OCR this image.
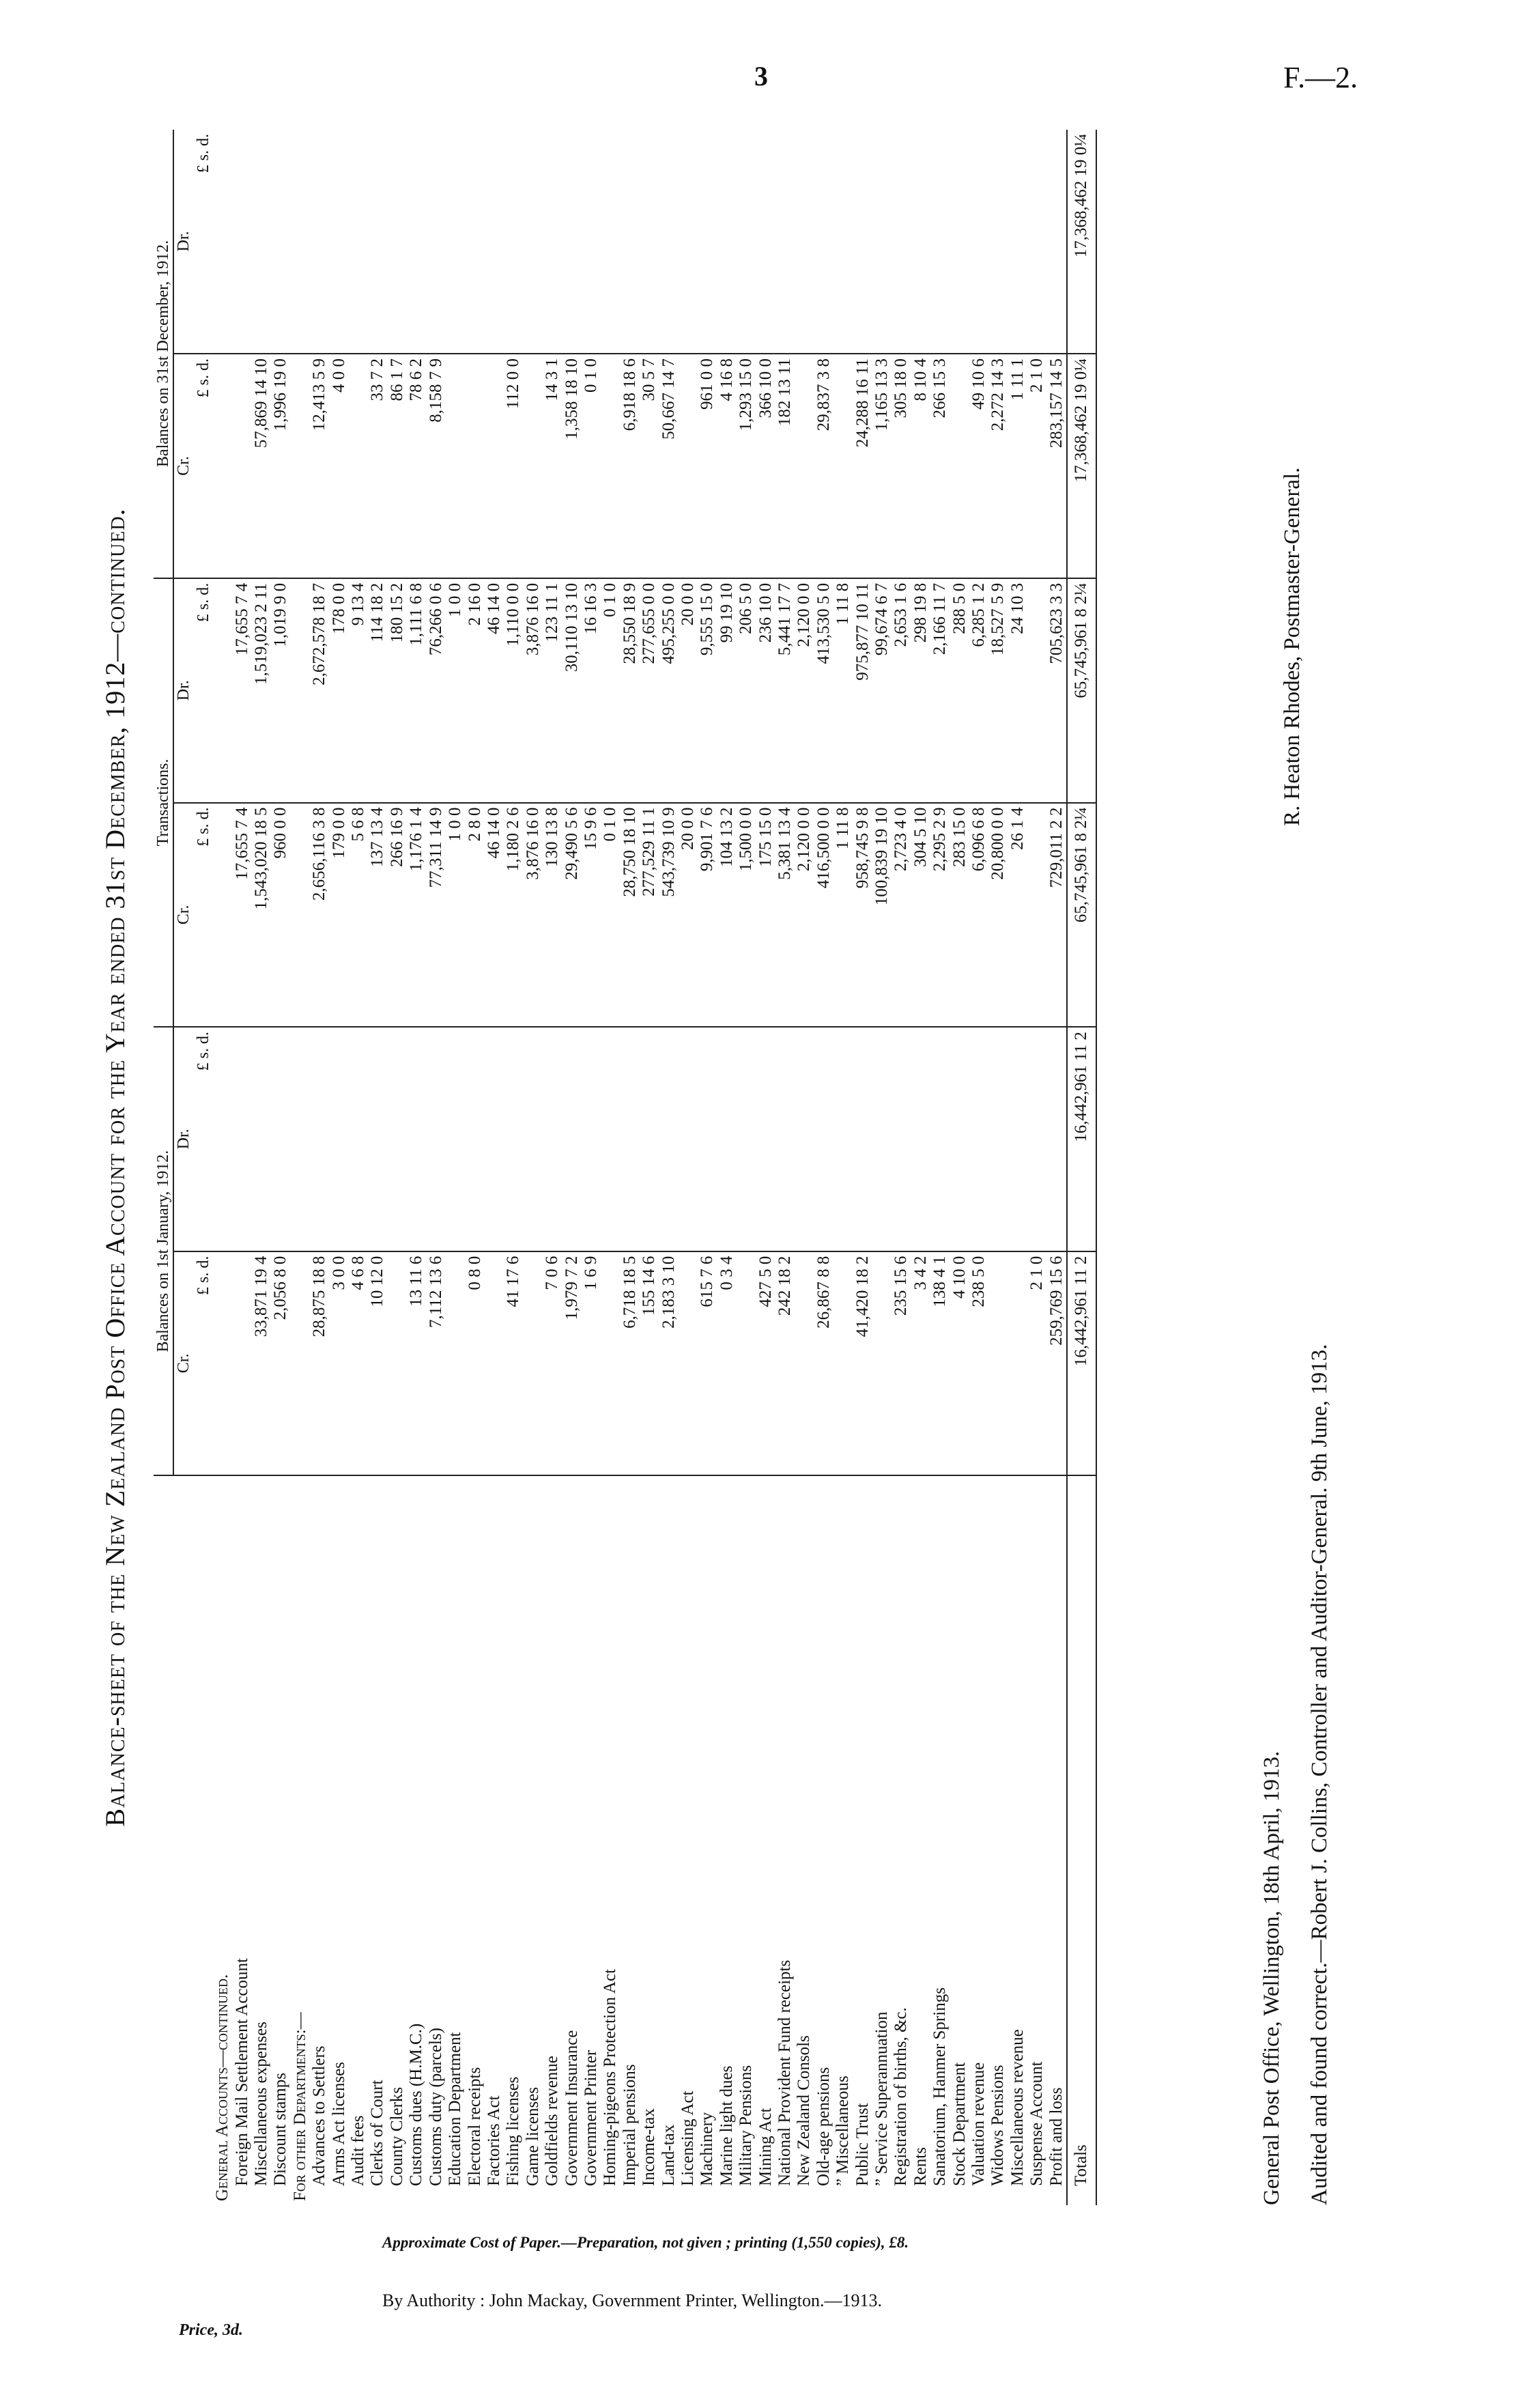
3	F.—2.
Balance-sheet of the New Zealand Post Office Account for the Year ended 31st December, 1912—continued.
	Balances on 1st January, 1912.		Transactions.		Balances on 31st December, 1912.	
	Cr.	Dr.	Cr.	Dr.	Cr.	Dr.
	£ s. d.	£ s. d.	£ s. d.	£ s. d.	£ s. d.	£ s. d.
General Accounts—continued.						
Foreign Mail Settlement Account			17,655 7 4	17,655 7 4		
Miscellaneous expenses	33,871 19 4		1,543,020 18 5	1,519,023 2 11	57,869 14 10	
Discount stamps	2,056 8 0		960 0 0	1,019 9 0	1,996 19 0	
For other Departments:—						
Advances to Settlers	28,875 18 8		2,656,116 3 8	2,672,578 18 7	12,413 5 9	
Arms Act licenses	3 0 0		179 0 0	178 0 0	4 0 0	
Audit fees	4 6 8		5 6 8	9 13 4		
Clerks of Court	10 12 0		137 13 4	114 18 2	33 7 2	
County Clerks			266 16 9	180 15 2	86 1 7	
Customs dues (H.M.C.)	13 11 6		1,176 1 4	1,111 6 8	78 6 2	
Customs duty (parcels)	7,112 13 6		77,311 14 9	76,266 0 6	8,158 7 9	
Education Department			1 0 0	1 0 0		
Electoral receipts	0 8 0		2 8 0	2 16 0		
Factories Act			46 14 0	46 14 0		
Fishing licenses	41 17 6		1,180 2 6	1,110 0 0	112 0 0	
Game licenses			3,876 16 0	3,876 16 0		
Goldfields revenue	7 0 6		130 13 8	123 11 1	14 3 1	
Government Insurance	1,979 7 2		29,490 5 6	30,110 13 10	1,358 18 10	
Government Printer	1 6 9		15 9 6	16 16 3	0 1 0	
Homing-pigeons Protection Act			0 1 0	0 1 0		
Imperial pensions	6,718 18 5		28,750 18 10	28,550 18 9	6,918 18 6	
Income-tax	155 14 6		277,529 11 1	277,655 0 0	30 5 7	
Land-tax	2,183 3 10		543,739 10 9	495,255 0 0	50,667 14 7	
Licensing Act			20 0 0	20 0 0		
Machinery	615 7 6		9,901 7 6	9,555 15 0	961 0 0	
Marine light dues	0 3 4		104 13 2	99 19 10	4 16 8	
Military Pensions			1,500 0 0	206 5 0	1,293 15 0	
Mining Act	427 5 0		175 15 0	236 10 0	366 10 0	
National Provident Fund receipts	242 18 2		5,381 13 4	5,441 17 7	182 13 11	
New Zealand Consols			2,120 0 0	2,120 0 0		
Old-age pensions	26,867 8 8		416,500 0 0	413,530 5 0	29,837 3 8	
” Miscellaneous			1 11 8	1 11 8		
Public Trust	41,420 18 2		958,745 9 8	975,877 10 11	24,288 16 11	
” Service Superannuation			100,839 19 10	99,674 6 7	1,165 13 3	
Registration of births, &c.	235 15 6		2,723 4 0	2,653 1 6	305 18 0	
Rents	3 4 2		304 5 10	298 19 8	8 10 4	
Sanatorium, Hanmer Springs	138 4 1		2,295 2 9	2,166 11 7	266 15 3	
Stock Department	4 10 0		283 15 0	288 5 0		
Valuation revenue	238 5 0		6,096 6 8	6,285 1 2	49 10 6	
Widows Pensions			20,800 0 0	18,527 5 9	2,272 14 3	
Miscellaneous revenue			26 1 4	24 10 3	1 11 1	
Suspense Account	2 1 0				2 1 0	
Profit and loss	259,769 15 6		729,011 2 2	705,623 3 3	283,157 14 5	
Totals	16,442,961 11 2	16,442,961 11 2	65,745,961 8 2¼	65,745,961 8 2¼	17,368,462 19 0¼	17,368,462 19 0¼
General Post Office, Wellington, 18th April, 1913.
R. Heaton Rhodes, Postmaster-General.
Audited and found correct.—Robert J. Collins, Controller and Auditor-General. 9th June, 1913.
Approximate Cost of Paper.—Preparation, not given ; printing (1,550 copies), £8.
By Authority : John Mackay, Government Printer, Wellington.—1913.
Price, 3d.
